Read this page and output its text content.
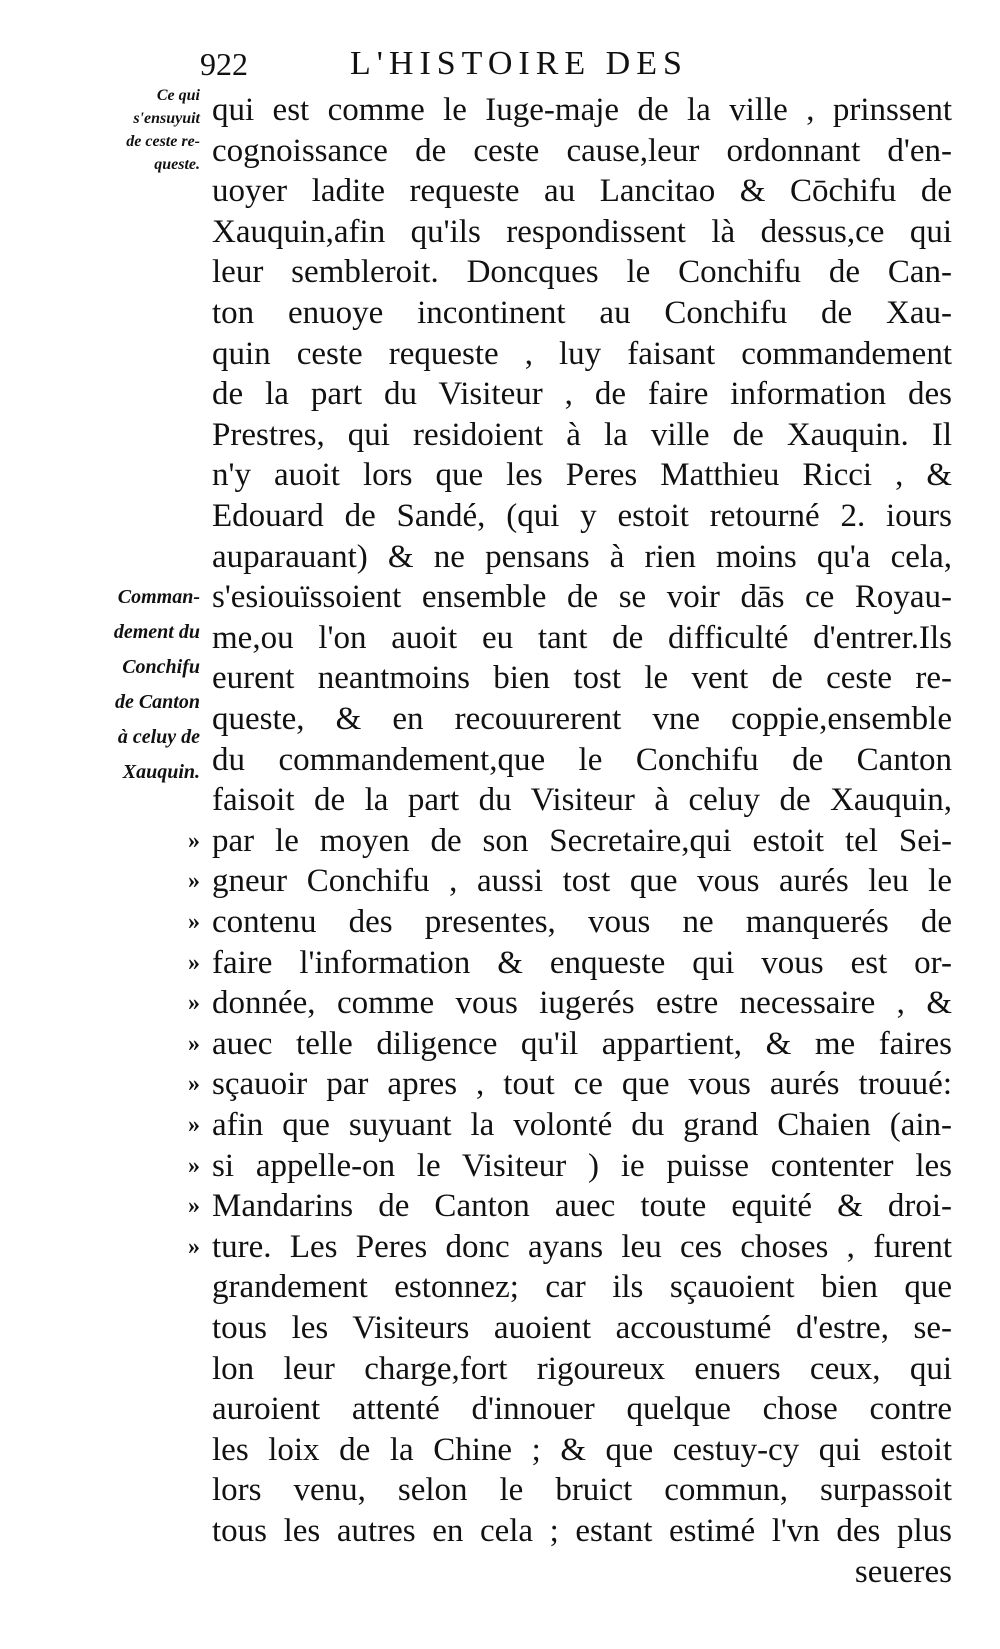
922	L'HISTOIRE DES
Ce qui
s'ensuyuit
de ceste re-
queste.
Comman-
dement du
Conchifu
de Canton
à celuy de
Xauquin.
qui est comme le Iuge-maje de la ville , prinssent
cognoissance de ceste cause,leur ordonnant d'en-
uoyer ladite requeste au Lancitao & Cōchifu de
Xauquin,afin qu'ils respondissent là dessus,ce qui
leur sembleroit. Doncques le Conchifu de Can-
ton enuoye incontinent au Conchifu de Xau-
quin ceste requeste , luy faisant commandement
de la part du Visiteur , de faire information des
Prestres, qui residoient à la ville de Xauquin. Il
n'y auoit lors que les Peres Matthieu Ricci , &
Edouard de Sandé, (qui y estoit retourné 2. iours
auparauant) & ne pensans à rien moins qu'a cela,
s'esiouïssoient ensemble de se voir dās ce Royau-
me,ou l'on auoit eu tant de difficulté d'entrer.Ils
eurent neantmoins bien tost le vent de ceste re-
queste, & en recouurerent vne coppie,ensemble
du commandement,que le Conchifu de Canton
faisoit de la part du Visiteur à celuy de Xauquin,
par le moyen de son Secretaire,qui estoit tel Sei-
gneur Conchifu , aussi tost que vous aurés leu le
contenu des presentes, vous ne manquerés de
faire l'information & enqueste qui vous est or-
donnée, comme vous iugerés estre necessaire , &
auec telle diligence qu'il appartient, & me faires
sçauoir par apres , tout ce que vous aurés trouué:
afin que suyuant la volonté du grand Chaien (ain-
si appelle-on le Visiteur ) ie puisse contenter les
Mandarins de Canton auec toute equité & droi-
ture. Les Peres donc ayans leu ces choses , furent
grandement estonnez; car ils sçauoient bien que
tous les Visiteurs auoient accoustumé d'estre, se-
lon leur charge,fort rigoureux enuers ceux, qui
auroient attenté d'innouer quelque chose contre
les loix de la Chine ; & que cestuy-cy qui estoit
lors venu, selon le bruict commun, surpassoit
tous les autres en cela ; estant estimé l'vn des plus
seueres
»
»
»
»
»
»
»
»
»
»
»
